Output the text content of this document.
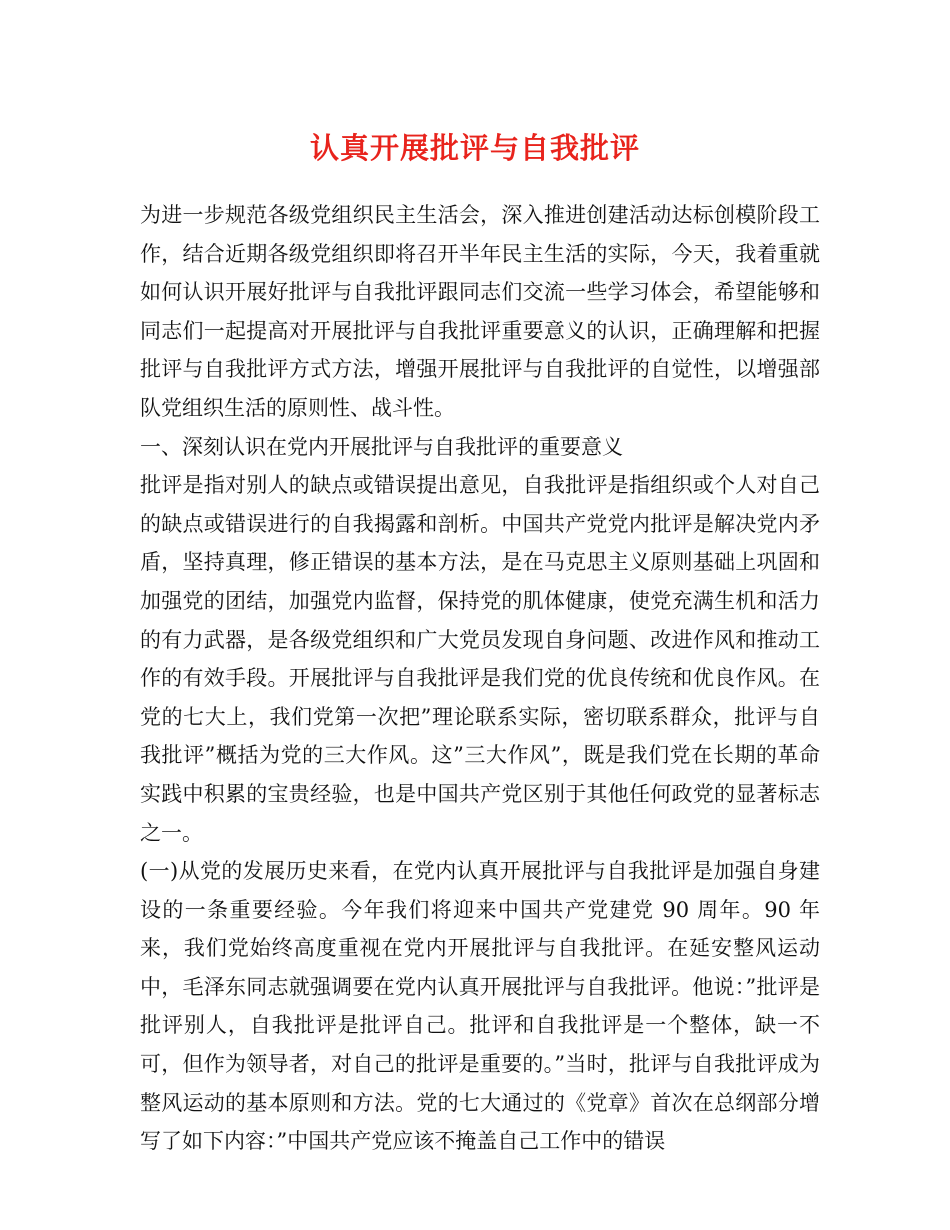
认真开展批评与自我批评

为进一步规范各级党组织民主生活会，深入推进创建活动达标创模阶段工作，结合近期各级党组织即将召开半年民主生活的实际，今天，我着重就如何认识开展好批评与自我批评跟同志们交流一些学习体会，希望能够和同志们一起提高对开展批评与自我批评重要意义的认识，正确理解和把握批评与自我批评方式方法，增强开展批评与自我批评的自觉性，以增强部队党组织生活的原则性、战斗性。

一、深刻认识在党内开展批评与自我批评的重要意义

批评是指对别人的缺点或错误提出意见，自我批评是指组织或个人对自己的缺点或错误进行的自我揭露和剖析。中国共产党党内批评是解决党内矛盾，坚持真理，修正错误的基本方法，是在马克思主义原则基础上巩固和加强党的团结，加强党内监督，保持党的肌体健康，使党充满生机和活力的有力武器，是各级党组织和广大党员发现自身问题、改进作风和推动工作的有效手段。开展批评与自我批评是我们党的优良传统和优良作风。在党的七大上，我们党第一次把”理论联系实际，密切联系群众，批评与自我批评”概括为党的三大作风。这”三大作风”，既是我们党在长期的革命实践中积累的宝贵经验，也是中国共产党区别于其他任何政党的显著标志之一。

(一)从党的发展历史来看，在党内认真开展批评与自我批评是加强自身建设的一条重要经验。今年我们将迎来中国共产党建党 90 周年。90 年来，我们党始终高度重视在党内开展批评与自我批评。在延安整风运动中，毛泽东同志就强调要在党内认真开展批评与自我批评。他说：”批评是批评别人，自我批评是批评自己。批评和自我批评是一个整体，缺一不可，但作为领导者，对自己的批评是重要的。”当时，批评与自我批评成为整风运动的基本原则和方法。党的七大通过的《党章》首次在总纲部分增写了如下内容：”中国共产党应该不掩盖自己工作中的错误
